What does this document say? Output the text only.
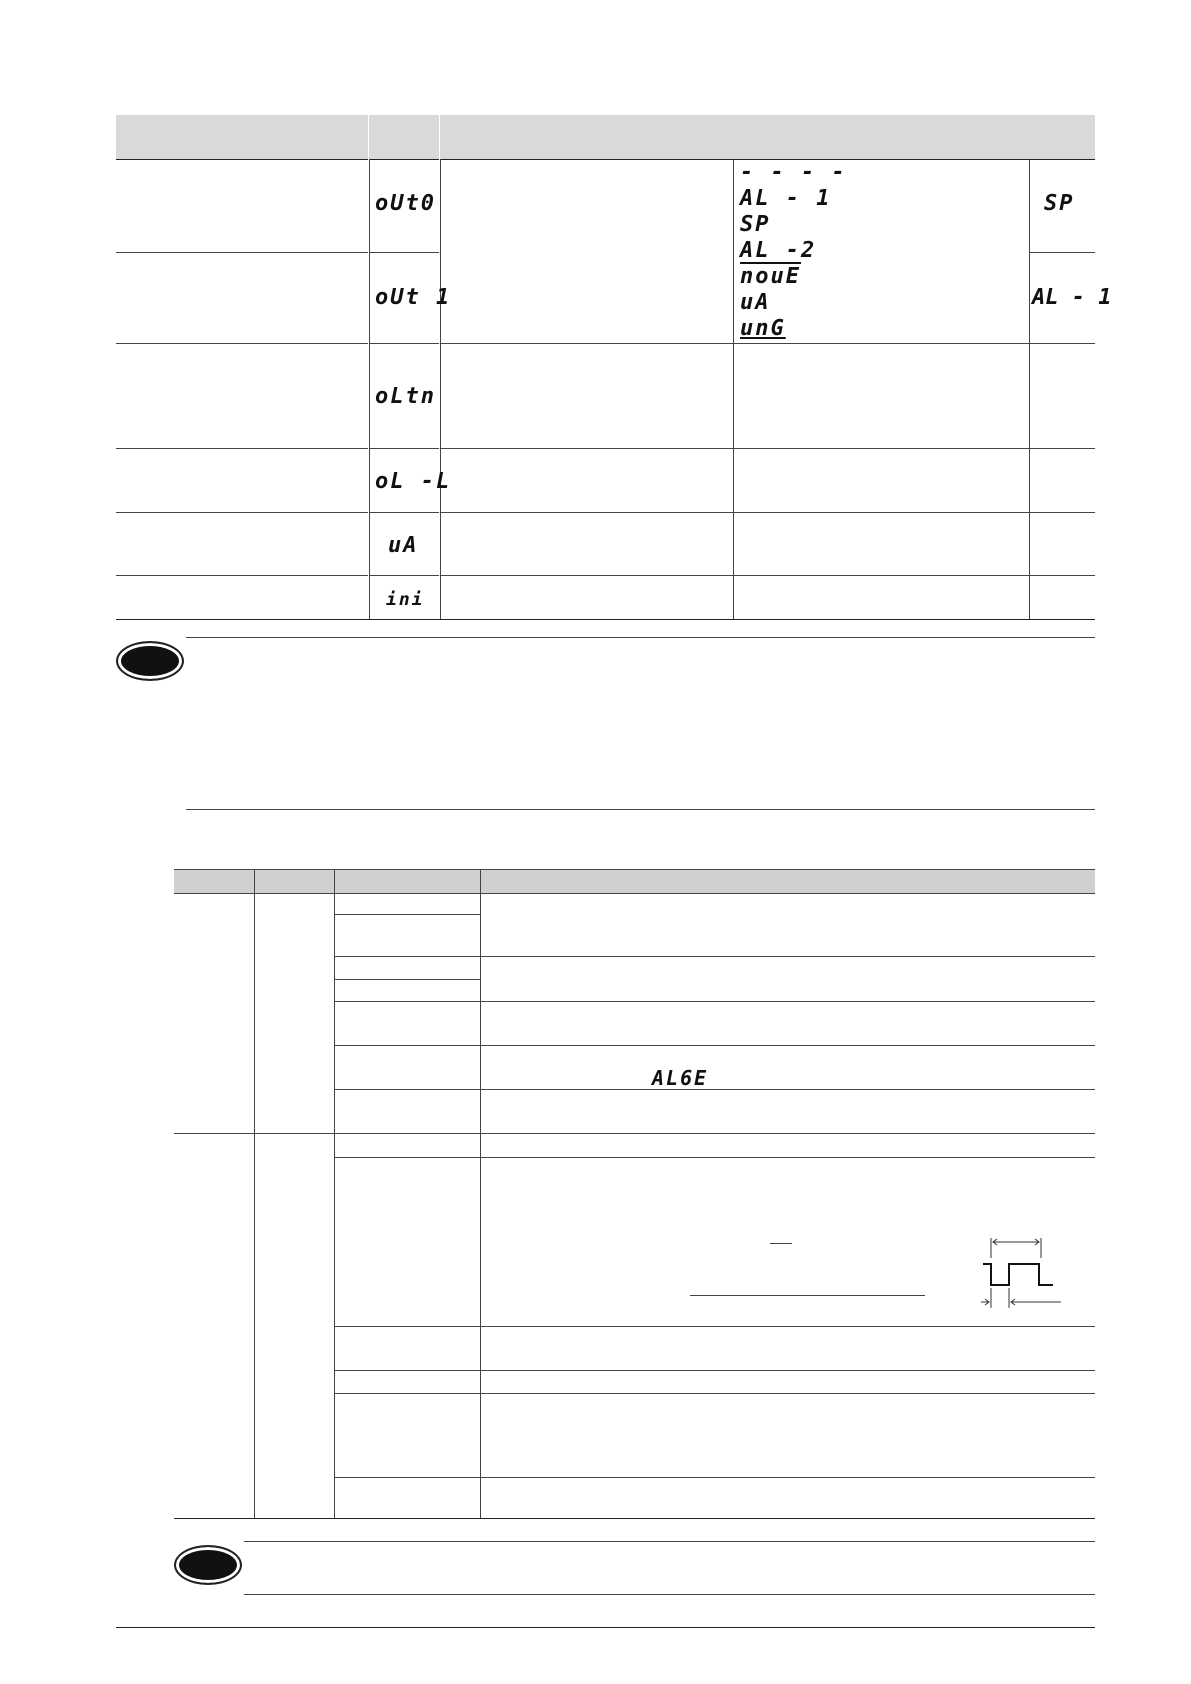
oUt0
oUt 1
oLtn
oL -L
uA
ini
- - - -
AL - 1
SP
AL -2
nouE
uA
unG
SP
AL - 1
AL6E
